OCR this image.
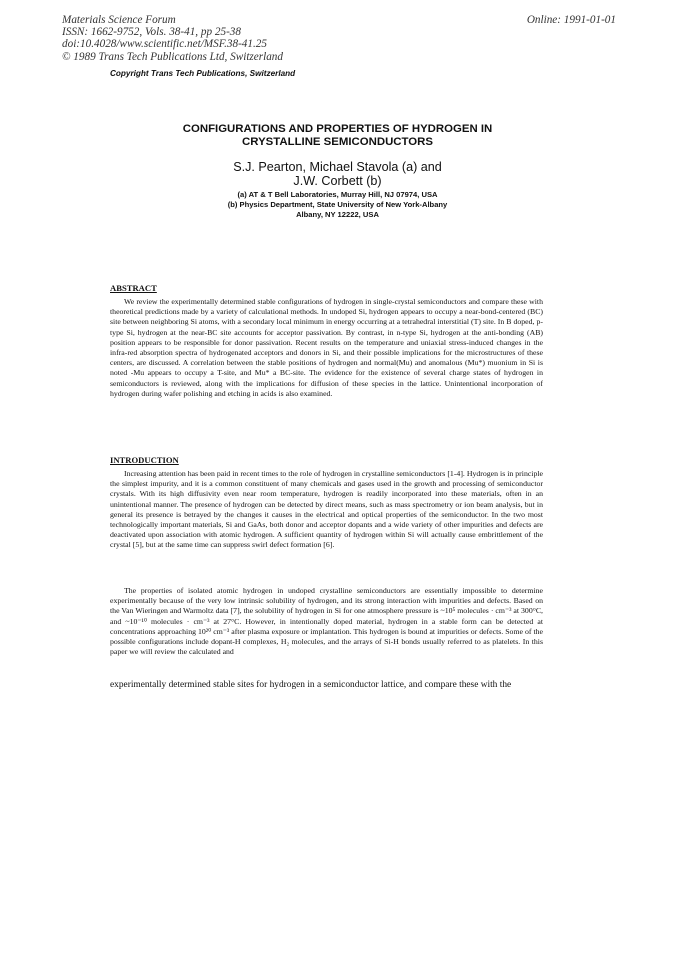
Materials Science Forum
ISSN: 1662-9752, Vols. 38-41, pp 25-38
doi:10.4028/www.scientific.net/MSF.38-41.25
© 1989 Trans Tech Publications Ltd, Switzerland
Online: 1991-01-01
Copyright Trans Tech Publications, Switzerland
CONFIGURATIONS AND PROPERTIES OF HYDROGEN IN
CRYSTALLINE SEMICONDUCTORS
S.J. Pearton, Michael Stavola (a) and
J.W. Corbett (b)
(a) AT & T Bell Laboratories, Murray Hill, NJ 07974, USA
(b) Physics Department, State University of New York-Albany
Albany, NY 12222, USA
ABSTRACT

We review the experimentally determined stable configurations of hydrogen in single-crystal semiconductors and compare these with theoretical predictions made by a variety of calculational methods. In undoped Si, hydrogen appears to occupy a near-bond-centered (BC) site between neighboring Si atoms, with a secondary local minimum in energy occurring at a tetrahedral interstitial (T) site. In B doped, p-type Si, hydrogen at the near-BC site accounts for acceptor passivation. By contrast, in n-type Si, hydrogen at the anti-bonding (AB) position appears to be responsible for donor passivation. Recent results on the temperature and uniaxial stress-induced changes in the infra-red absorption spectra of hydrogenated acceptors and donors in Si, and their possible implications for the microstructures of these centers, are discussed. A correlation between the stable positions of hydrogen and normal(Mu) and anomalous (Mu*) muonium in Si is noted -Mu appears to occupy a T-site, and Mu* a BC-site. The evidence for the existence of several charge states of hydrogen in semiconductors is reviewed, along with the implications for diffusion of these species in the lattice. Unintentional incorporation of hydrogen during wafer polishing and etching in acids is also examined.

INTRODUCTION

Increasing attention has been paid in recent times to the role of hydrogen in crystalline semiconductors [1-4]. Hydrogen is in principle the simplest impurity, and it is a common constituent of many chemicals and gases used in the growth and processing of semiconductor crystals. With its high diffusivity even near room temperature, hydrogen is readily incorporated into these materials, often in an unintentional manner. The presence of hydrogen can be detected by direct means, such as mass spectrometry or ion beam analysis, but in general its presence is betrayed by the changes it causes in the electrical and optical properties of the semiconductor. In the two most technologically important materials, Si and GaAs, both donor and acceptor dopants and a wide variety of other impurities and defects are deactivated upon association with atomic hydrogen. A sufficient quantity of hydrogen within Si will actually cause embrittlement of the crystal [5], but at the same time can suppress swirl defect formation [6].

The properties of isolated atomic hydrogen in undoped crystalline semiconductors are essentially impossible to determine experimentally because of the very low intrinsic solubility of hydrogen, and its strong interaction with impurities and defects. Based on the Van Wieringen and Warmoltz data [7], the solubility of hydrogen in Si for one atmosphere pressure is ~10⁵ molecules · cm⁻³ at 300°C, and ~10⁻¹⁰ molecules · cm⁻³ at 27°C. However, in intentionally doped material, hydrogen in a stable form can be detected at concentrations approaching 10²⁰ cm⁻³ after plasma exposure or implantation. This hydrogen is bound at impurities or defects. Some of the possible configurations include dopant-H complexes, H₂ molecules, and the arrays of Si-H bonds usually referred to as platelets. In this paper we will review the calculated and

experimentally determined stable sites for hydrogen in a semiconductor lattice, and compare these with the
